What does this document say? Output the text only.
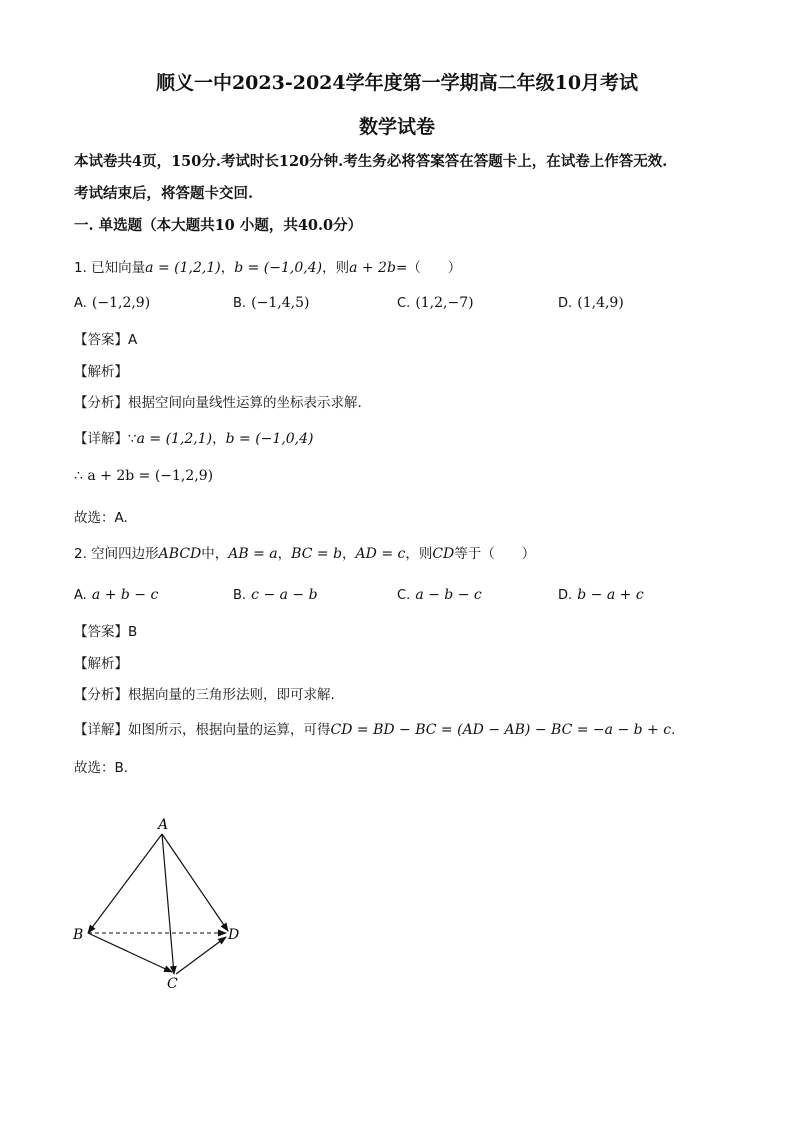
顺义一中2023-2024学年度第一学期高二年级10月考试
数学试卷
本试卷共4页，150分.考试时长120分钟.考生务必将答案答在答题卡上，在试卷上作答无效.
考试结束后，将答题卡交回.
一. 单选题（本大题共10 小题，共40.0分）
1. 已知向量a = (1,2,1)，b = (−1,0,4)，则a + 2b=（　　）
A. (−1,2,9)	B. (−1,4,5)	C. (1,2,−7)	D. (1,4,9)
【答案】A
【解析】
【分析】根据空间向量线性运算的坐标表示求解.
【详解】∵a = (1,2,1)，b = (−1,0,4)
∴ a + 2b = (−1,2,9)
故选：A.
2. 空间四边形ABCD中，AB = a，BC = b，AD = c，则CD等于（　　）
A. a + b − c	B. c − a − b	C. a − b − c	D. b − a + c
【答案】B
【解析】
【分析】根据向量的三角形法则，即可求解.
【详解】如图所示，根据向量的运算，可得CD = BD − BC = (AD − AB) − BC = −a − b + c.
故选：B.
A
B
C
D
